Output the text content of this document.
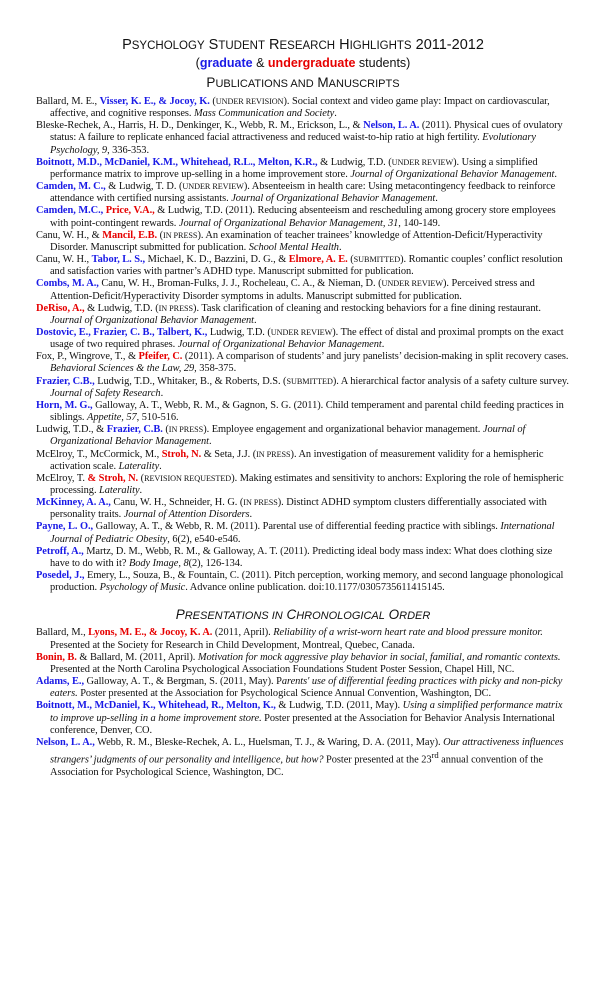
PSYCHOLOGY STUDENT RESEARCH HIGHLIGHTS 2011-2012
(graduate & undergraduate students)
PUBLICATIONS AND MANUSCRIPTS
Ballard, M. E., Visser, K. E., & Jocoy, K. (UNDER REVISION). Social context and video game play: Impact on cardiovascular, affective, and cognitive responses. Mass Communication and Society.
Bleske-Rechek, A., Harris, H. D., Denkinger, K., Webb, R. M., Erickson, L., & Nelson, L. A. (2011). Physical cues of ovulatory status: A failure to replicate enhanced facial attractiveness and reduced waist-to-hip ratio at high fertility. Evolutionary Psychology, 9, 336-353.
Boitnott, M.D., McDaniel, K.M., Whitehead, R.L., Melton, K.R., & Ludwig, T.D. (UNDER REVIEW). Using a simplified performance matrix to improve up-selling in a home improvement store. Journal of Organizational Behavior Management.
Camden, M. C., & Ludwig, T. D. (UNDER REVIEW). Absenteeism in health care: Using metacontingency feedback to reinforce attendance with certified nursing assistants. Journal of Organizational Behavior Management.
Camden, M.C., Price, V.A., & Ludwig, T.D. (2011). Reducing absenteeism and rescheduling among grocery store employees with point-contingent rewards. Journal of Organizational Behavior Management, 31, 140-149.
Canu, W. H., & Mancil, E.B. (IN PRESS). An examination of teacher trainees’ knowledge of Attention-Deficit/Hyperactivity Disorder. Manuscript submitted for publication. School Mental Health.
Canu, W. H., Tabor, L. S., Michael, K. D., Bazzini, D. G., & Elmore, A. E. (SUBMITTED). Romantic couples’ conflict resolution and satisfaction varies with partner’s ADHD type. Manuscript submitted for publication.
Combs, M. A., Canu, W. H., Broman-Fulks, J. J., Rocheleau, C. A., & Nieman, D. (UNDER REVIEW). Perceived stress and Attention-Deficit/Hyperactivity Disorder symptoms in adults. Manuscript submitted for publication.
DeRiso, A., & Ludwig, T.D. (IN PRESS). Task clarification of cleaning and restocking behaviors for a fine dining restaurant. Journal of Organizational Behavior Management.
Dostovic, E., Frazier, C. B., Talbert, K., Ludwig, T.D. (UNDER REVIEW). The effect of distal and proximal prompts on the exact usage of two required phrases. Journal of Organizational Behavior Management.
Fox, P., Wingrove, T., & Pfeifer, C. (2011). A comparison of students’ and jury panelists’ decision-making in split recovery cases. Behavioral Sciences & the Law, 29, 358-375.
Frazier, C.B., Ludwig, T.D., Whitaker, B., & Roberts, D.S. (SUBMITTED). A hierarchical factor analysis of a safety culture survey. Journal of Safety Research.
Horn, M. G., Galloway, A. T., Webb, R. M., & Gagnon, S. G. (2011). Child temperament and parental child feeding practices in siblings. Appetite, 57, 510-516.
Ludwig, T.D., & Frazier, C.B. (IN PRESS). Employee engagement and organizational behavior management. Journal of Organizational Behavior Management.
McElroy, T., McCormick, M., Stroh, N. & Seta, J.J. (IN PRESS). An investigation of measurement validity for a hemispheric activation scale. Laterality.
McElroy, T. & Stroh, N. (REVISION REQUESTED). Making estimates and sensitivity to anchors: Exploring the role of hemispheric processing. Laterality.
McKinney, A. A., Canu, W. H., Schneider, H. G. (IN PRESS). Distinct ADHD symptom clusters differentially associated with personality traits. Journal of Attention Disorders.
Payne, L. O., Galloway, A. T., & Webb, R. M. (2011). Parental use of differential feeding practice with siblings. International Journal of Pediatric Obesity, 6(2), e540-e546.
Petroff, A., Martz, D. M., Webb, R. M., & Galloway, A. T. (2011). Predicting ideal body mass index: What does clothing size have to do with it? Body Image, 8(2), 126-134.
Posedel, J., Emery, L., Souza, B., & Fountain, C. (2011). Pitch perception, working memory, and second language phonological production. Psychology of Music. Advance online publication. doi:10.1177/0305735611415145.
PRESENTATIONS IN CHRONOLOGICAL ORDER
Ballard, M., Lyons, M. E., & Jocoy, K. A. (2011, April). Reliability of a wrist-worn heart rate and blood pressure monitor. Presented at the Society for Research in Child Development, Montreal, Quebec, Canada.
Bonin, B. & Ballard, M. (2011, April). Motivation for mock aggressive play behavior in social, familial, and romantic contexts. Presented at the North Carolina Psychological Association Foundations Student Poster Session, Chapel Hill, NC.
Adams, E., Galloway, A. T., & Bergman, S. (2011, May). Parents' use of differential feeding practices with picky and non-picky eaters. Poster presented at the Association for Psychological Science Annual Convention, Washington, DC.
Boitnott, M., McDaniel, K., Whitehead, R., Melton, K., & Ludwig, T.D. (2011, May). Using a simplified performance matrix to improve up-selling in a home improvement store. Poster presented at the Association for Behavior Analysis International conference, Denver, CO.
Nelson, L. A., Webb, R. M., Bleske-Rechek, A. L., Huelsman, T. J., & Waring, D. A. (2011, May). Our attractiveness influences strangers’ judgments of our personality and intelligence, but how? Poster presented at the 23rd annual convention of the Association for Psychological Science, Washington, DC.
